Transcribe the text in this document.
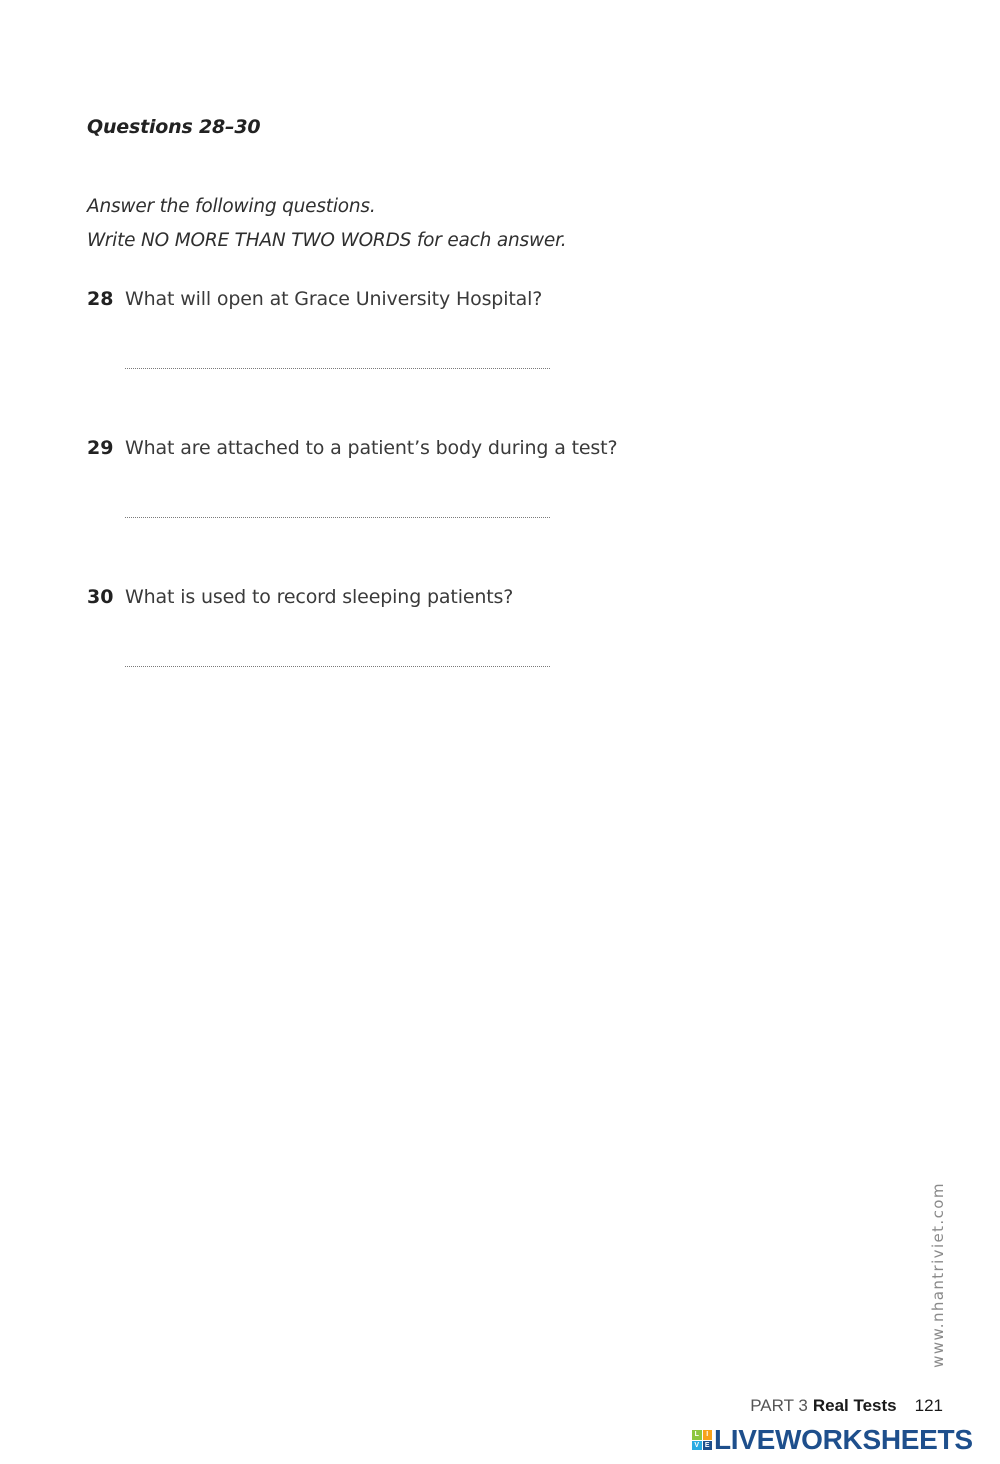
Questions 28–30
Answer the following questions.
Write NO MORE THAN TWO WORDS for each answer.
28 What will open at Grace University Hospital?
29 What are attached to a patient’s body during a test?
30 What is used to record sleeping patients?
www.nhantriviet.com
PART 3 Real Tests 121
L	I
V E LIVEWORKSHEETS
